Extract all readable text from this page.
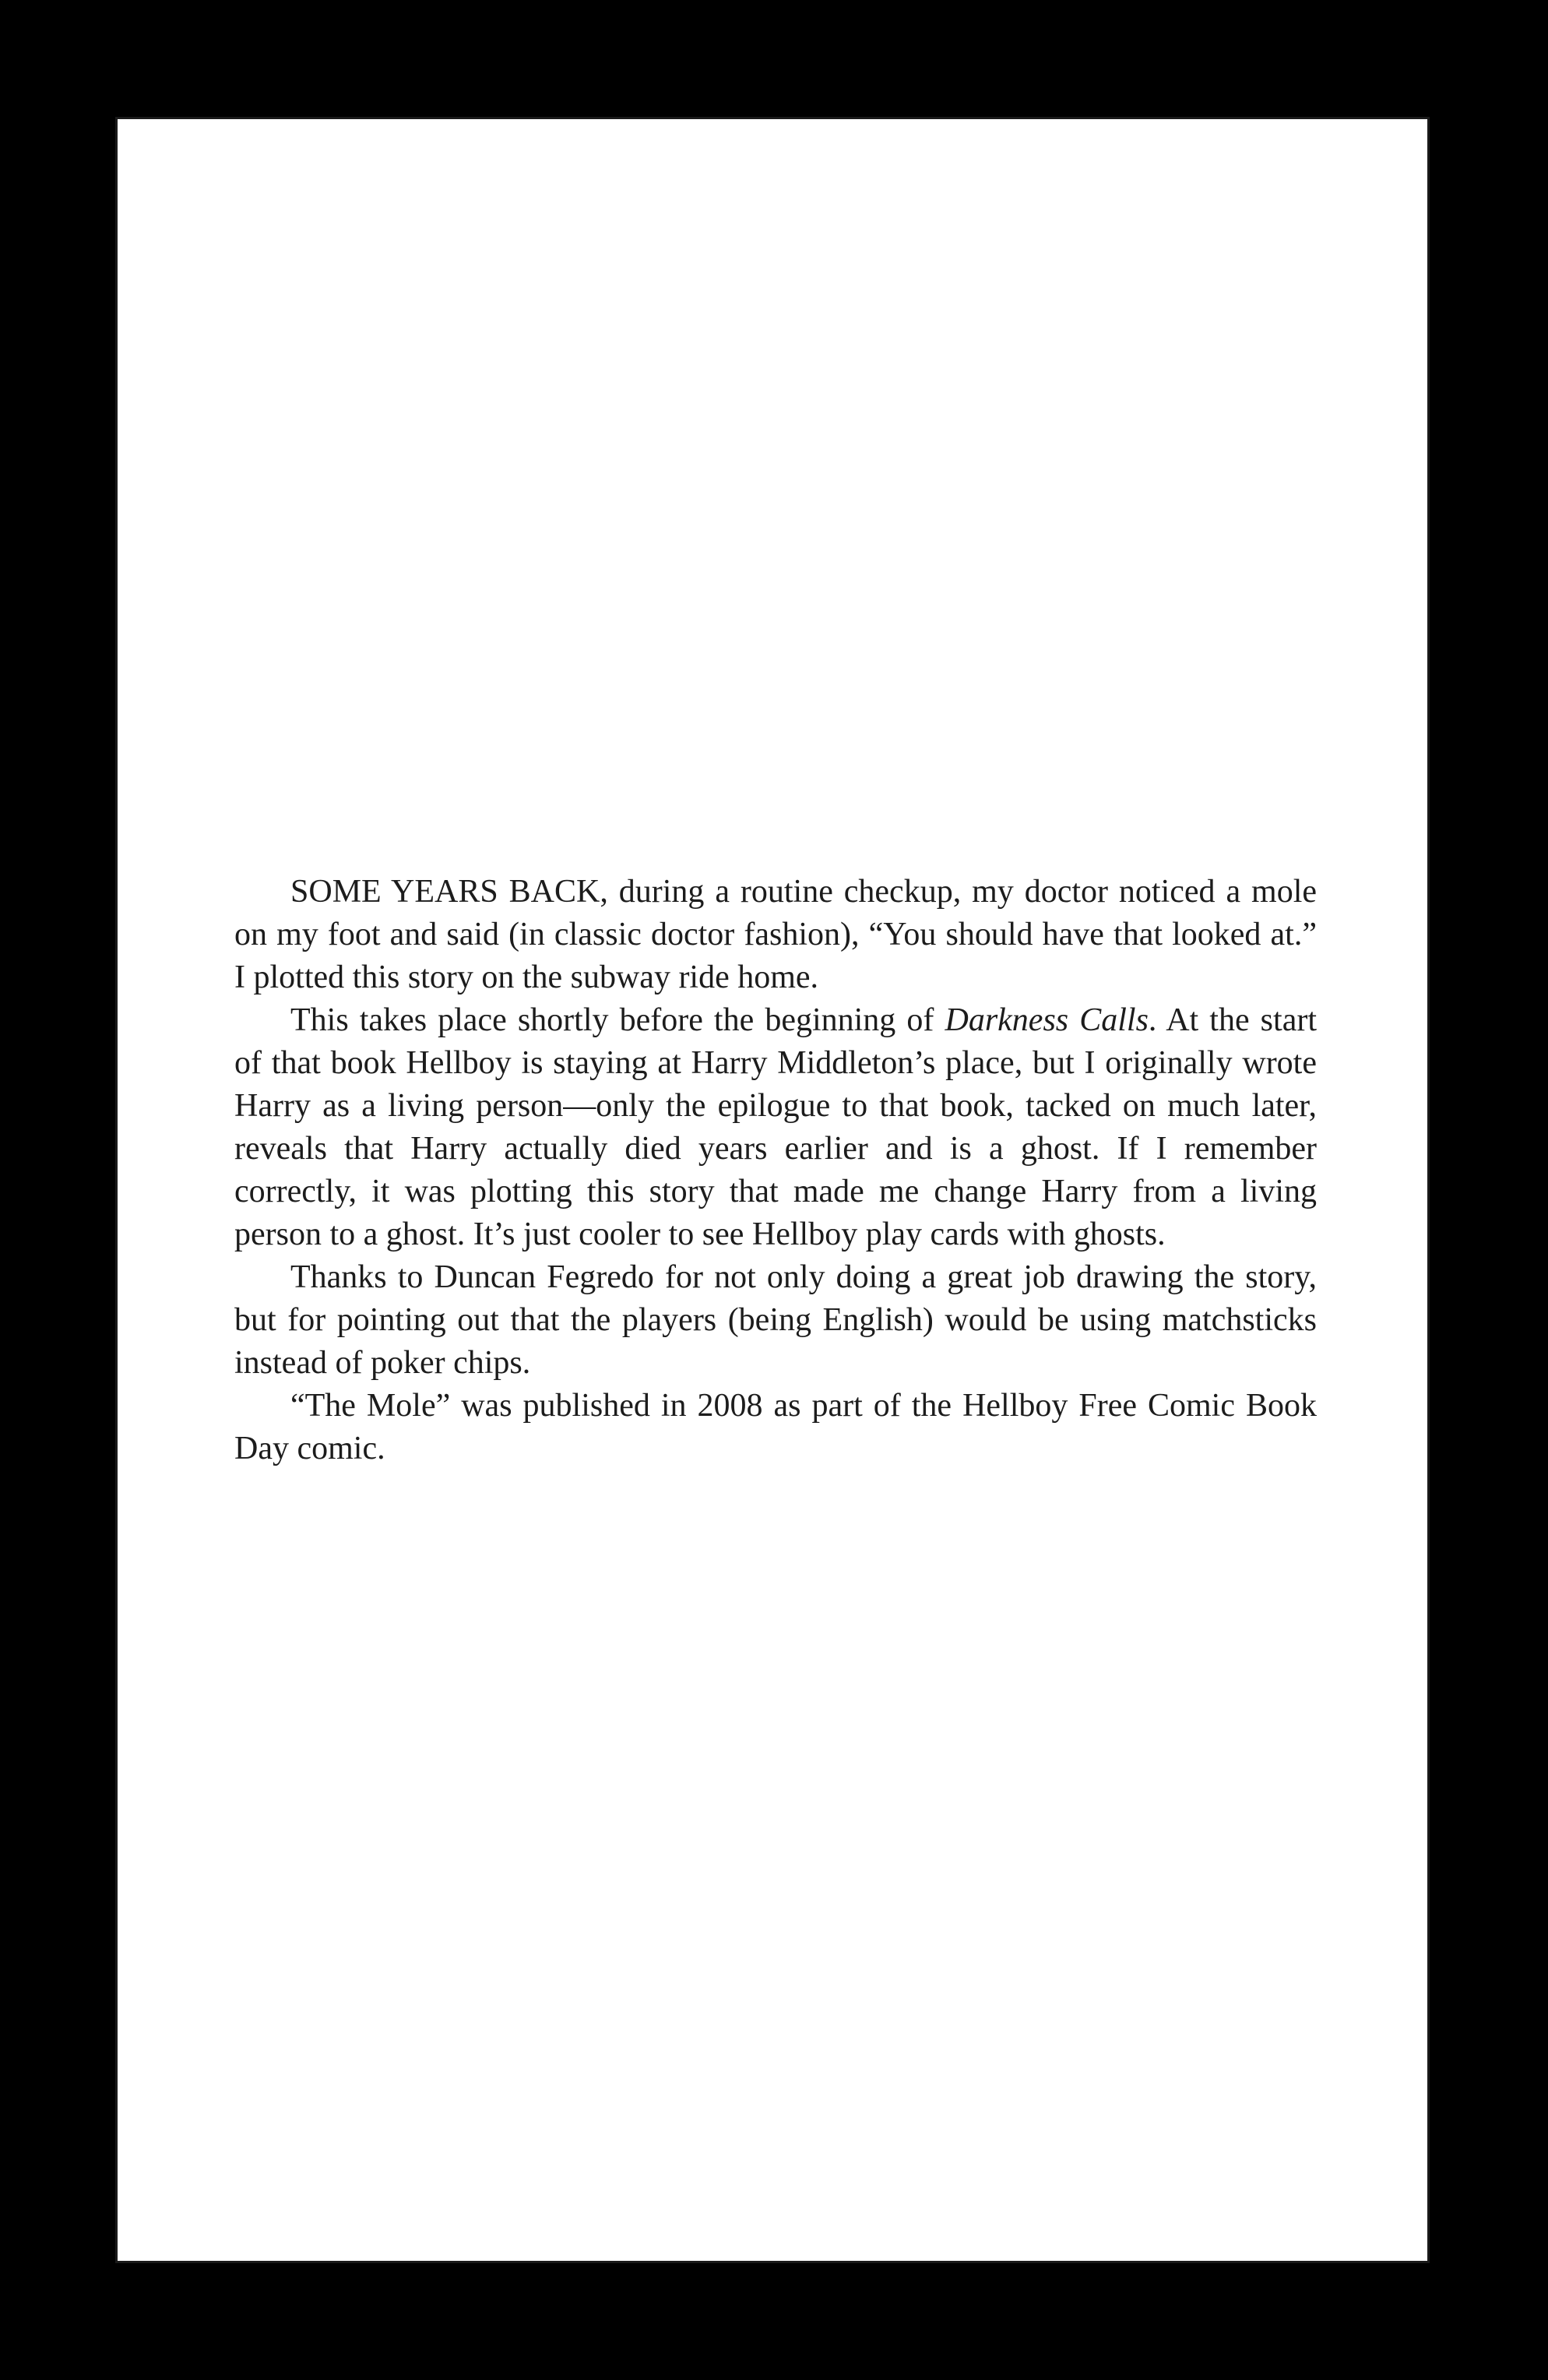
SOME YEARS BACK, during a routine checkup, my doctor noticed a mole on my foot and said (in classic doctor fashion), “You should have that looked at.” I plotted this story on the subway ride home.

This takes place shortly before the beginning of Darkness Calls. At the start of that book Hellboy is staying at Harry Middleton’s place, but I originally wrote Harry as a living person—only the epilogue to that book, tacked on much later, reveals that Harry actually died years earlier and is a ghost. If I remember correctly, it was plotting this story that made me change Harry from a living person to a ghost. It’s just cooler to see Hellboy play cards with ghosts.

Thanks to Duncan Fegredo for not only doing a great job drawing the story, but for pointing out that the players (being English) would be using matchsticks instead of poker chips.

“The Mole” was published in 2008 as part of the Hellboy Free Comic Book Day comic.
